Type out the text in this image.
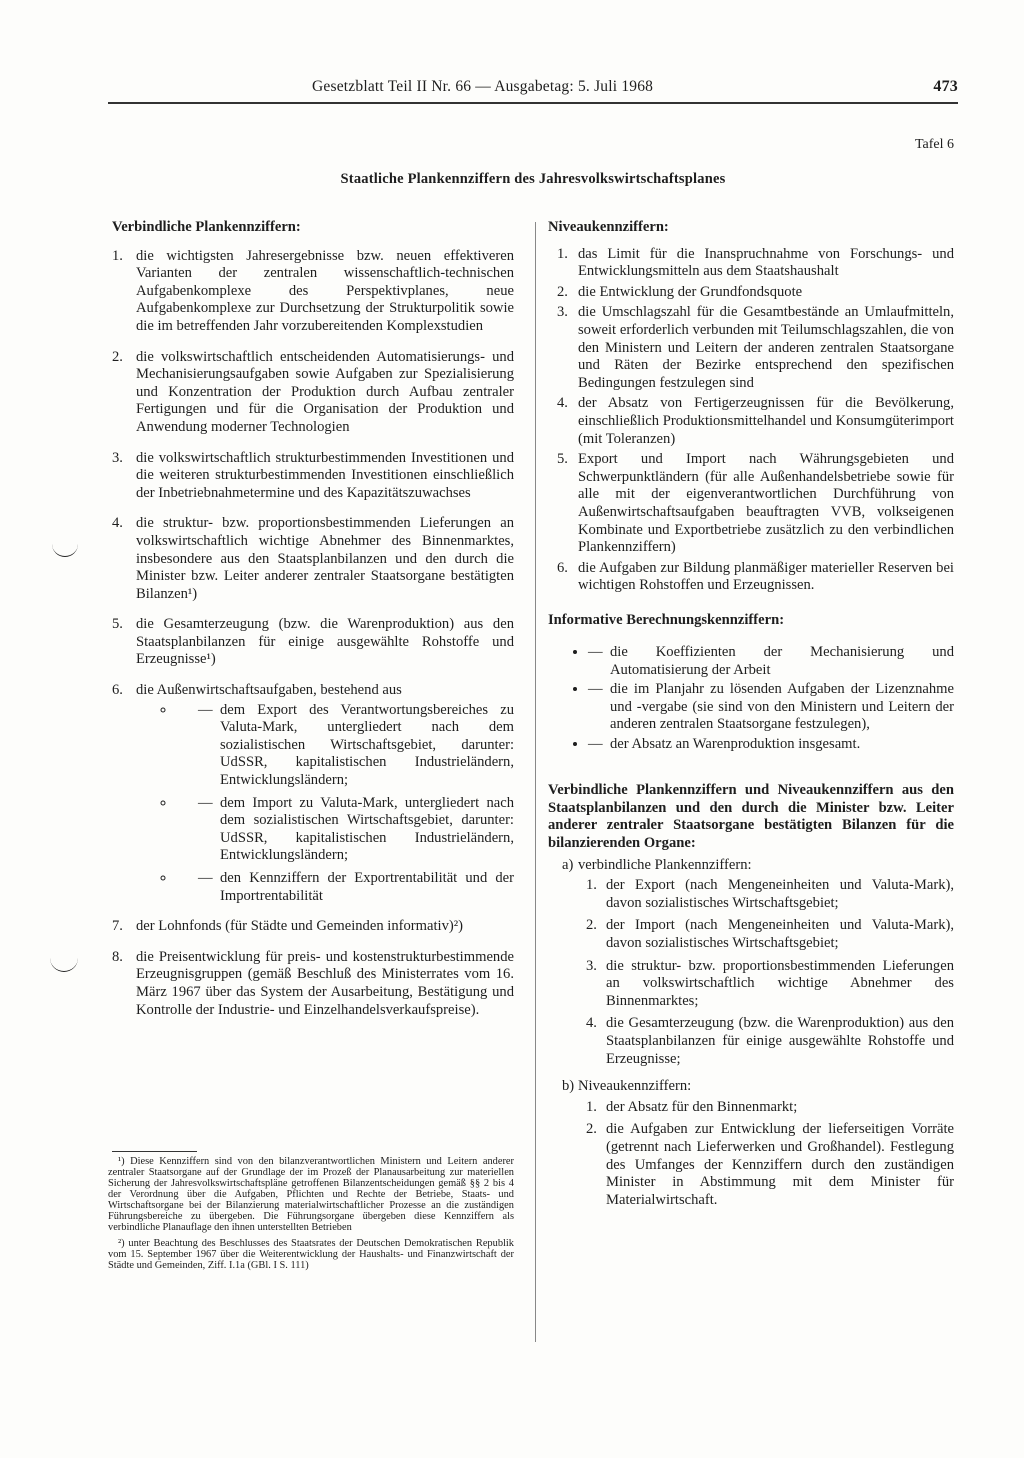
Gesetzblatt Teil II Nr. 66 — Ausgabetag: 5. Juli 1968	473
Tafel 6
Staatliche Plankennziffern des Jahresvolkswirtschaftsplanes
Verbindliche Plankennziffern:
1. die wichtigsten Jahresergebnisse bzw. neuen effektiveren Varianten der zentralen wissenschaftlich-technischen Aufgabenkomplexe des Perspektivplanes, neue Aufgabenkomplexe zur Durchsetzung der Strukturpolitik sowie die im betreffenden Jahr vorzubereitenden Komplexstudien
2. die volkswirtschaftlich entscheidenden Automatisierungs- und Mechanisierungsaufgaben sowie Aufgaben zur Spezialisierung und Konzentration der Produktion durch Aufbau zentraler Fertigungen und für die Organisation der Produktion und Anwendung moderner Technologien
3. die volkswirtschaftlich strukturbestimmenden Investitionen und die weiteren strukturbestimmenden Investitionen einschließlich der Inbetriebnahmetermine und des Kapazitätszuwachses
4. die struktur- bzw. proportionsbestimmenden Lieferungen an volkswirtschaftlich wichtige Abnehmer des Binnenmarktes, insbesondere aus den Staatsplanbilanzen und den durch die Minister bzw. Leiter anderer zentraler Staatsorgane bestätigten Bilanzen¹)
5. die Gesamterzeugung (bzw. die Warenproduktion) aus den Staatsplanbilanzen für einige ausgewählte Rohstoffe und Erzeugnisse¹)
6. die Außenwirtschaftsaufgaben, bestehend aus
◦ — dem Export des Verantwortungsbereiches zu Valuta-Mark, untergliedert nach dem sozialistischen Wirtschaftsgebiet, darunter: UdSSR, kapitalistischen Industrieländern, Entwicklungsländern;
◦ — dem Import zu Valuta-Mark, untergliedert nach dem sozialistischen Wirtschaftsgebiet, darunter: UdSSR, kapitalistischen Industrieländern, Entwicklungsländern;
◦ — den Kennziffern der Exportrentabilität und der Importrentabilität
7. der Lohnfonds (für Städte und Gemeinden informativ)²)
8. die Preisentwicklung für preis- und kostenstrukturbestimmende Erzeugnisgruppen (gemäß Beschluß des Ministerrates vom 16. März 1967 über das System der Ausarbeitung, Bestätigung und Kontrolle der Industrie- und Einzelhandelsverkaufspreise).

¹) Diese Kennziffern sind von den bilanzverantwortlichen Ministern und Leitern anderer zentraler Staatsorgane auf der Grundlage der im Prozeß der Planausarbeitung zur materiellen Sicherung der Jahresvolkswirtschaftspläne getroffenen Bilanzentscheidungen gemäß §§ 2 bis 4 der Verordnung über die Aufgaben, Pflichten und Rechte der Betriebe, Staats- und Wirtschaftsorgane bei der Bilanzierung materialwirtschaftlicher Prozesse an die zuständigen Führungsbereiche zu übergeben. Die Führungsorgane übergeben diese Kennziffern als verbindliche Planauflage den ihnen unterstellten Betrieben

²) unter Beachtung des Beschlusses des Staatsrates der Deutschen Demokratischen Republik vom 15. September 1967 über die Weiterentwicklung der Haushalts- und Finanzwirtschaft der Städte und Gemeinden, Ziff. I.1a (GBl. I S. 111)

Niveaukennziffern:
1. das Limit für die Inanspruchnahme von Forschungs- und Entwicklungsmitteln aus dem Staatshaushalt
2. die Entwicklung der Grundfondsquote
3. die Umschlagszahl für die Gesamtbestände an Umlaufmitteln, soweit erforderlich verbunden mit Teilumschlagszahlen, die von den Ministern und Leitern der anderen zentralen Staatsorgane und Räten der Bezirke entsprechend den spezifischen Bedingungen festzulegen sind
4. der Absatz von Fertigerzeugnissen für die Bevölkerung, einschließlich Produktionsmittelhandel und Konsumgüterimport (mit Toleranzen)
5. Export und Import nach Währungsgebieten und Schwerpunktländern (für alle Außenhandelsbetriebe sowie für alle mit der eigenverantwortlichen Durchführung von Außenwirtschaftsaufgaben beauftragten VVB, volkseigenen Kombinate und Exportbetriebe zusätzlich zu den verbindlichen Plankennziffern)
6. die Aufgaben zur Bildung planmäßiger materieller Reserven bei wichtigen Rohstoffen und Erzeugnissen.
Informative Berechnungskennziffern:
• — die Koeffizienten der Mechanisierung und Automatisierung der Arbeit
• — die im Planjahr zu lösenden Aufgaben der Lizenznahme und -vergabe (sie sind von den Ministern und Leitern der anderen zentralen Staatsorgane festzulegen),
• — der Absatz an Warenproduktion insgesamt.
Verbindliche Plankennziffern und Niveaukennziffern aus den Staatsplanbilanzen und den durch die Minister bzw. Leiter anderer zentraler Staatsorgane bestätigten Bilanzen für die bilanzierenden Organe:
a) verbindliche Plankennziffern:
1. der Export (nach Mengeneinheiten und Valuta-Mark), davon sozialistisches Wirtschaftsgebiet;
2. der Import (nach Mengeneinheiten und Valuta-Mark), davon sozialistisches Wirtschaftsgebiet;
3. die struktur- bzw. proportionsbestimmenden Lieferungen an volkswirtschaftlich wichtige Abnehmer des Binnenmarktes;
4. die Gesamterzeugung (bzw. die Warenproduktion) aus den Staatsplanbilanzen für einige ausgewählte Rohstoffe und Erzeugnisse;
b) Niveaukennziffern:
1. der Absatz für den Binnenmarkt;
2. die Aufgaben zur Entwicklung der lieferseitigen Vorräte (getrennt nach Lieferwerken und Großhandel). Festlegung des Umfanges der Kennziffern durch den zuständigen Minister in Abstimmung mit dem Minister für Materialwirtschaft.
